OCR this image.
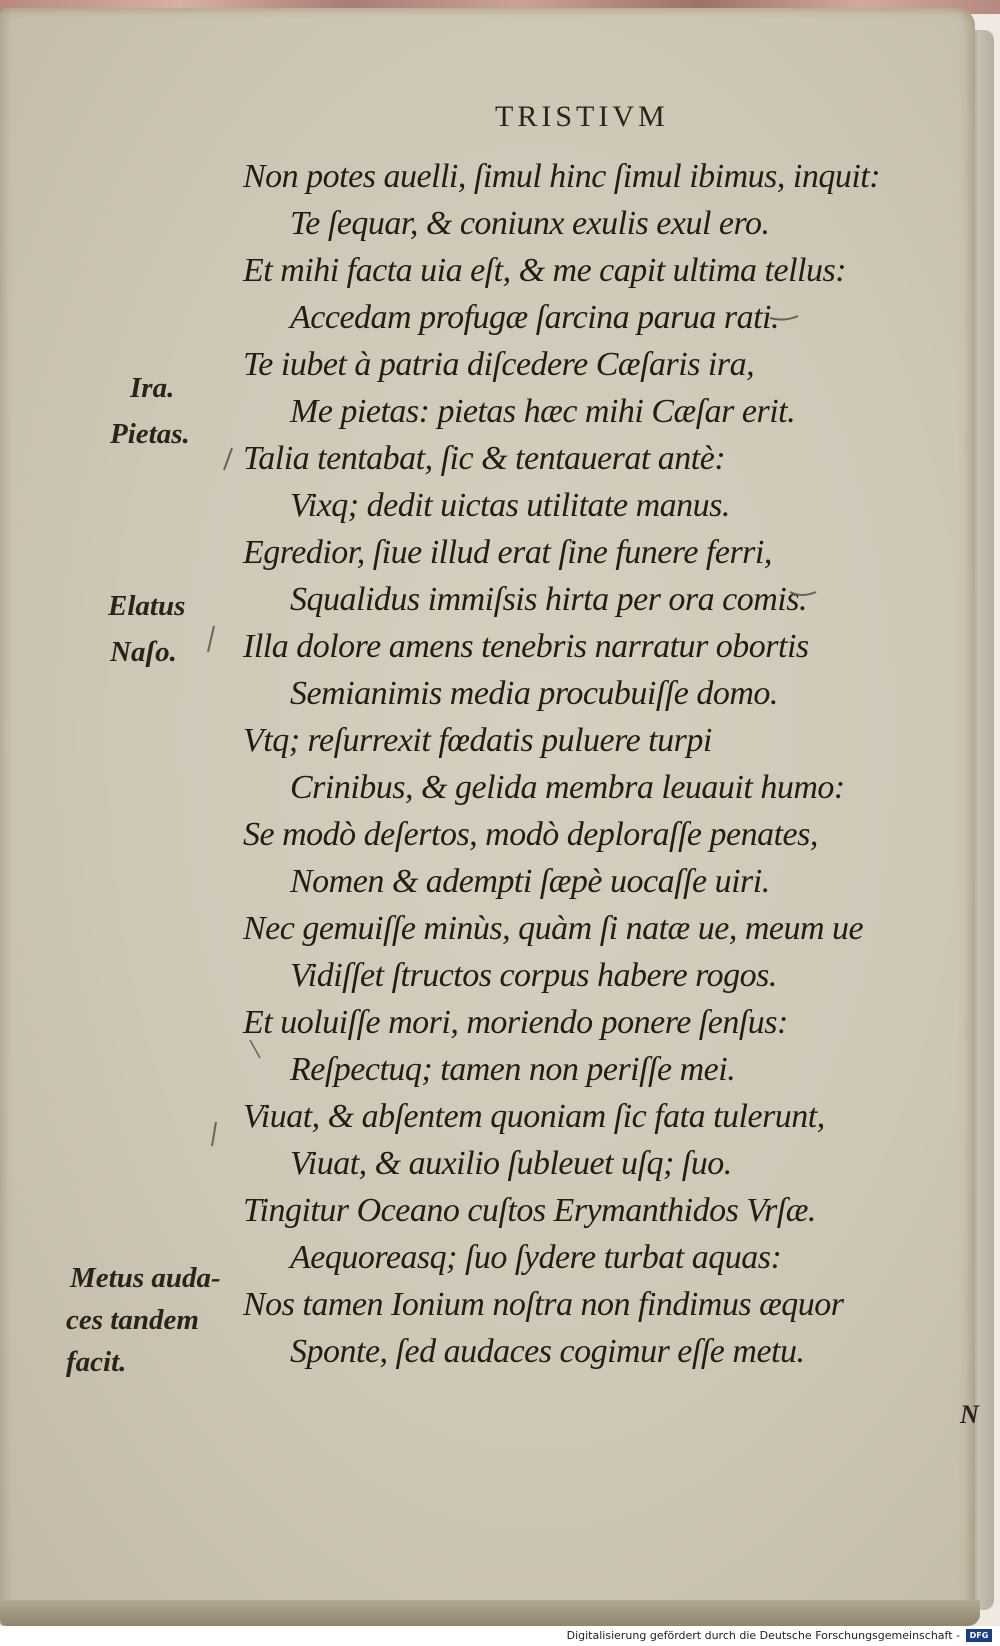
TRISTIVM
Non potes auelli, ſimul hinc ſimul ibimus, inquit:
Te ſequar, & coniunx exulis exul ero.
Et mihi facta uia eſt, & me capit ultima tellus:
Accedam profugæ ſarcina parua rati.
Te iubet à patria diſcedere Cæſaris ira,
Me pietas: pietas hæc mihi Cæſar erit.
Talia tentabat, ſic & tentauerat antè:
Vixq; dedit uictas utilitate manus.
Egredior, ſiue illud erat ſine funere ferri,
Squalidus immiſsis hirta per ora comis.
Illa dolore amens tenebris narratur obortis
Semianimis media procubuiſſe domo.
Vtq; reſurrexit fœdatis puluere turpi
Crinibus, & gelida membra leuauit humo:
Se modò deſertos, modò deploraſſe penates,
Nomen & adempti ſæpè uocaſſe uiri.
Nec gemuiſſe minùs, quàm ſi natæ ue, meum ue
Vidiſſet ſtructos corpus habere rogos.
Et uoluiſſe mori, moriendo ponere ſenſus:
Reſpectuq; tamen non periſſe mei.
Viuat, & abſentem quoniam ſic fata tulerunt,
Viuat, & auxilio ſubleuet uſq; ſuo.
Tingitur Oceano cuſtos Erymanthidos Vrſæ.
Aequoreasq; ſuo ſydere turbat aquas:
Nos tamen Ionium noſtra non findimus æquor
Sponte, ſed audaces cogimur eſſe metu.
Ira.
Pietas.
Elatus
Naſo.
Metus auda-
ces tandem
facit.
N
Digitalisierung gefördert durch die Deutsche Forschungsgemeinschaft -	DFG
